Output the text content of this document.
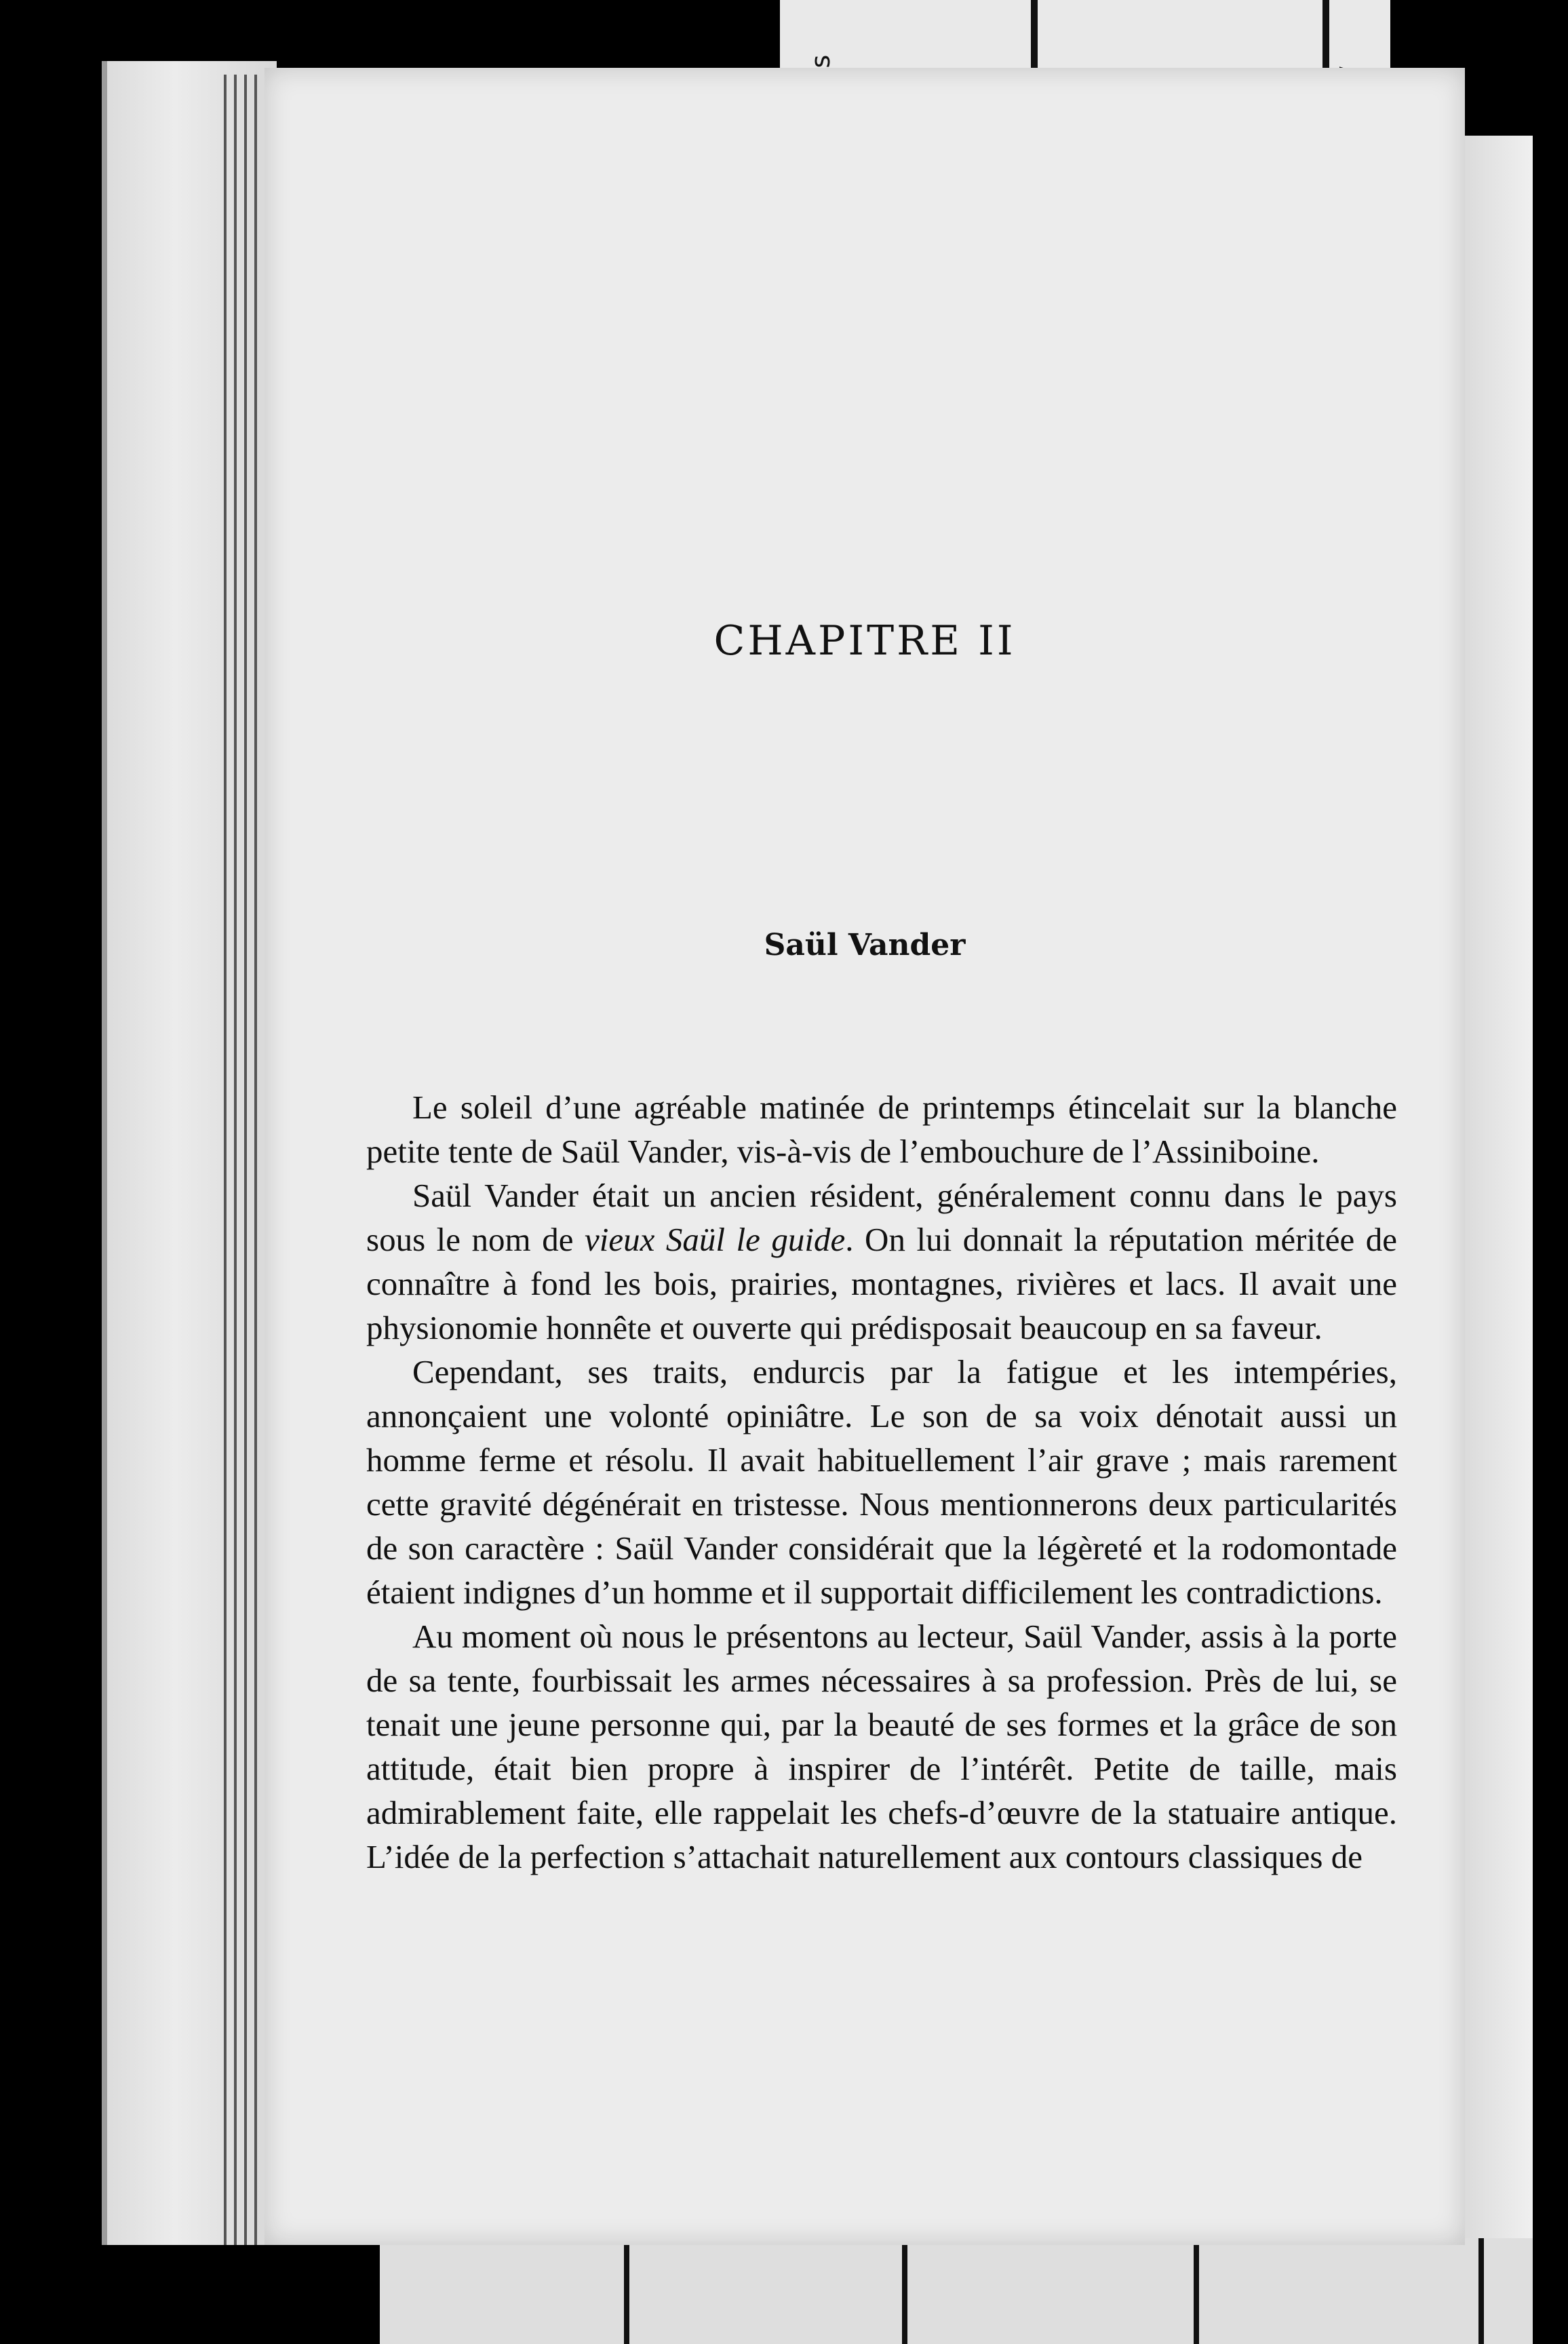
CHAPITRE II
Saül Vander

Le soleil d’une agréable matinée de printemps étincelait sur la blanche petite tente de Saül Vander, vis-à-vis de l’embouchure de l’Assiniboine.

Saül Vander était un ancien résident, généralement connu dans le pays sous le nom de vieux Saül le guide. On lui donnait la réputation méritée de connaître à fond les bois, prairies, montagnes, rivières et lacs. Il avait une physionomie honnête et ouverte qui prédisposait beaucoup en sa faveur.

Cependant, ses traits, endurcis par la fatigue et les intempéries, annonçaient une volonté opiniâtre. Le son de sa voix dénotait aussi un homme ferme et résolu. Il avait habituellement l’air grave ; mais rarement cette gravité dégénérait en tristesse. Nous mentionnerons deux particularités de son caractère : Saül Vander considérait que la légèreté et la rodomontade étaient indignes d’un homme et il supportait difficilement les contradictions.

Au moment où nous le présentons au lecteur, Saül Vander, assis à la porte de sa tente, fourbissait les armes nécessaires à sa profession. Près de lui, se tenait une jeune personne qui, par la beauté de ses formes et la grâce de son attitude, était bien propre à inspirer de l’intérêt. Petite de taille, mais admirablement faite, elle rappelait les chefs-d’œuvre de la statuaire antique. L’idée de la perfection s’attachait naturellement aux contours classiques de
